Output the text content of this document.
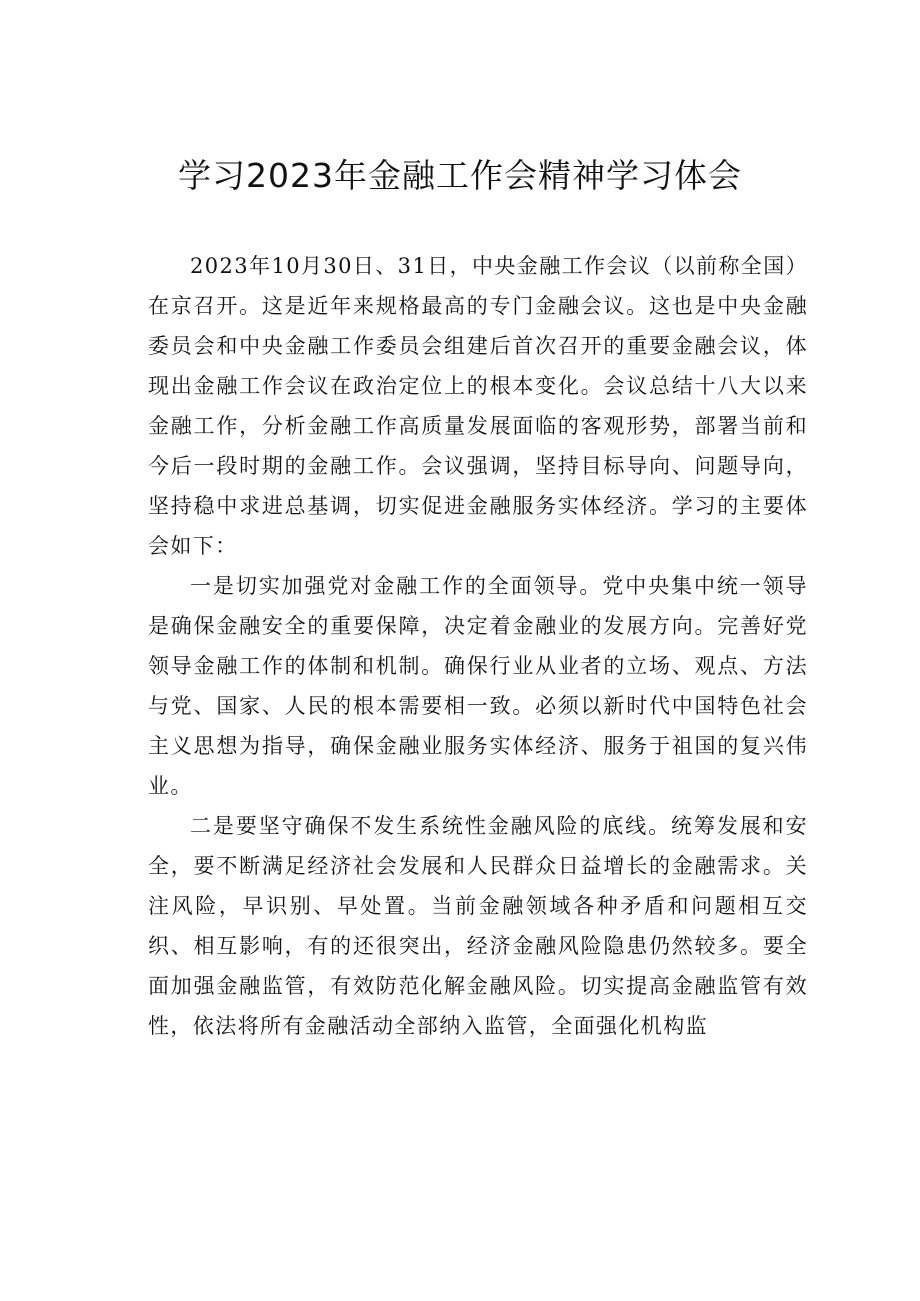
学习2023年金融工作会精神学习体会

2023年10月30日、31日，中央金融工作会议（以前称全国）在京召开。这是近年来规格最高的专门金融会议。这也是中央金融委员会和中央金融工作委员会组建后首次召开的重要金融会议，体现出金融工作会议在政治定位上的根本变化。会议总结十八大以来金融工作，分析金融工作高质量发展面临的客观形势，部署当前和今后一段时期的金融工作。会议强调，坚持目标导向、问题导向，坚持稳中求进总基调，切实促进金融服务实体经济。学习的主要体会如下：

一是切实加强党对金融工作的全面领导。党中央集中统一领导是确保金融安全的重要保障，决定着金融业的发展方向。完善好党领导金融工作的体制和机制。确保行业从业者的立场、观点、方法与党、国家、人民的根本需要相一致。必须以新时代中国特色社会主义思想为指导，确保金融业服务实体经济、服务于祖国的复兴伟业。

二是要坚守确保不发生系统性金融风险的底线。统筹发展和安全，要不断满足经济社会发展和人民群众日益增长的金融需求。关注风险，早识别、早处置。当前金融领域各种矛盾和问题相互交织、相互影响，有的还很突出，经济金融风险隐患仍然较多。要全面加强金融监管，有效防范化解金融风险。切实提高金融监管有效性，依法将所有金融活动全部纳入监管，全面强化机构监
